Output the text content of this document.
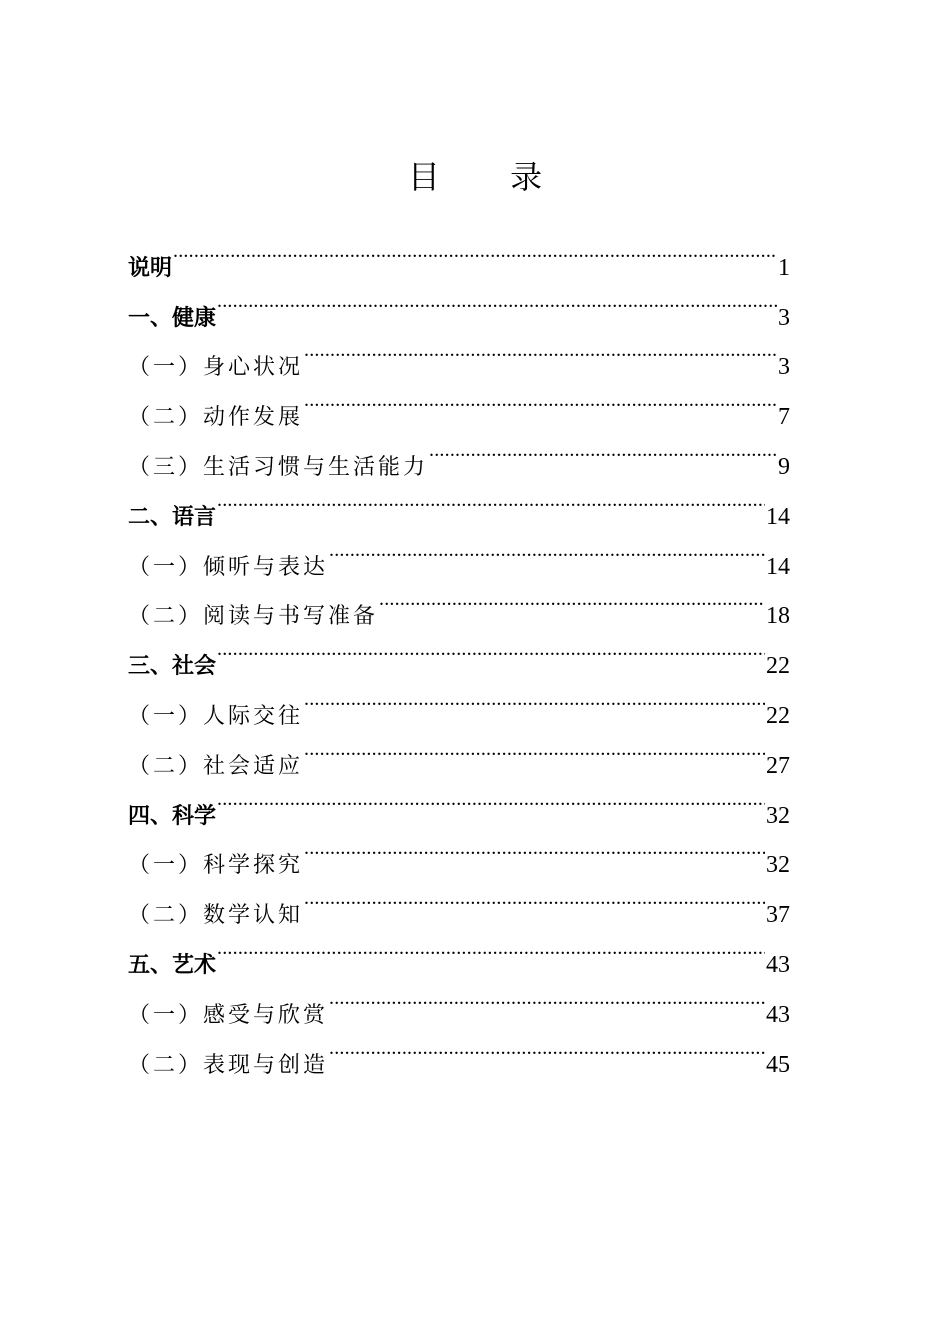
目 录
说明 .....	1
一、健康 .....	3
（一）身心状况 .....	3
（二）动作发展 .....	7
（三）生活习惯与生活能力 .....	9
二、语言 .....	14
（一）倾听与表达 .....	14
（二）阅读与书写准备 .....	18
三、社会 .....	22
（一）人际交往 .....	22
（二）社会适应 .....	27
四、科学 .....	32
（一）科学探究 .....	32
（二）数学认知 .....	37
五、艺术 .....	43
（一）感受与欣赏 .....	43
（二）表现与创造 .....	45
